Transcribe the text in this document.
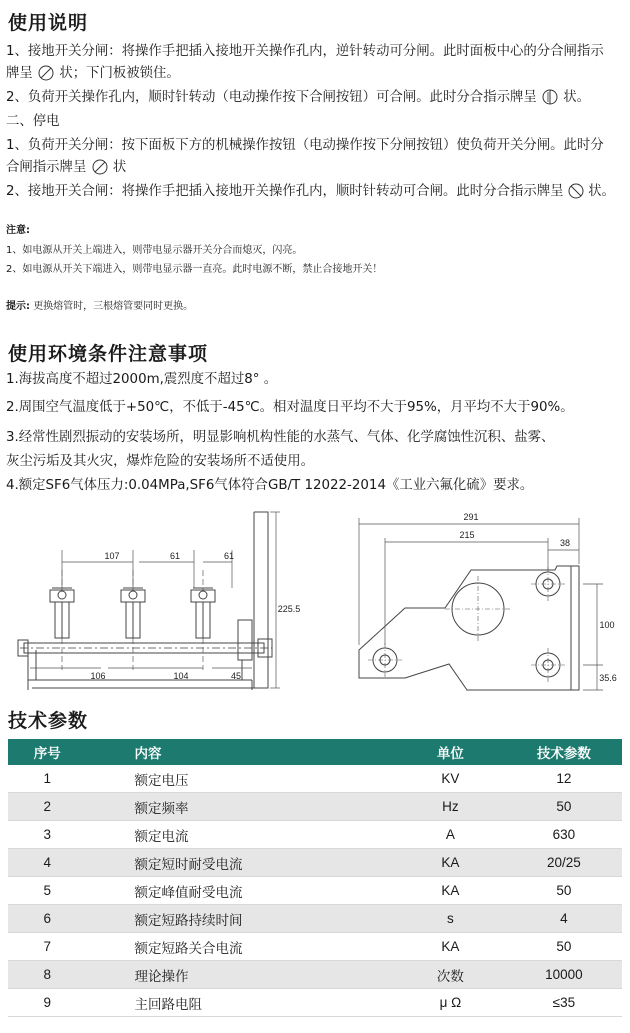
使用说明
1、接地开关分闸：将操作手把插入接地开关操作孔内，逆针转动可分闸。此时面板中心的分合闸指示
牌呈 状；下门板被锁住。
2、负荷开关操作孔内，顺时针转动（电动操作按下合闸按钮）可合闸。此时分合指示牌呈 状。
二、停电
1、负荷开关分闸：按下面板下方的机械操作按钮（电动操作按下分闸按钮）使负荷开关分闸。此时分
合闸指示牌呈 状
2、接地开关合闸：将操作手把插入接地开关操作孔内，顺时针转动可合闸。此时分合指示牌呈 状。
注意:
1、如电源从开关上端进入，则带电显示器开关分合而熄灭，闪亮。
2、如电源从开关下端进入，则带电显示器一直亮。此时电源不断，禁止合接地开关！
提示: 更换熔管时，三根熔管要同时更换。
使用环境条件注意事项
1.海拔高度不超过2000m,震烈度不超过8° 。
2.周围空气温度低于+50℃，不低于-45℃。相对温度日平均不大于95%，月平均不大于90%。
3.经常性剧烈振动的安装场所，明显影响机构性能的水蒸气、气体、化学腐蚀性沉积、盐雾、
灰尘污垢及其火灾，爆炸危险的安装场所不适使用。
4.额定SF6气体压力:0.04MPa,SF6气体符合GB/T 12022-2014《工业六氟化硫》要求。
107	61	61
225.5
106	104	45
291
215
38
100
35.6
技术参数
序号	内容	单位	技术参数
1	额定电压	KV	12
2	额定频率	Hz	50
3	额定电流	A	630
4	额定短时耐受电流	KA	20/25
5	额定峰值耐受电流	KA	50
6	额定短路持续时间	s	4
7	额定短路关合电流	KA	50
8	理论操作	次数	10000
9	主回路电阻	μ Ω	≤35
